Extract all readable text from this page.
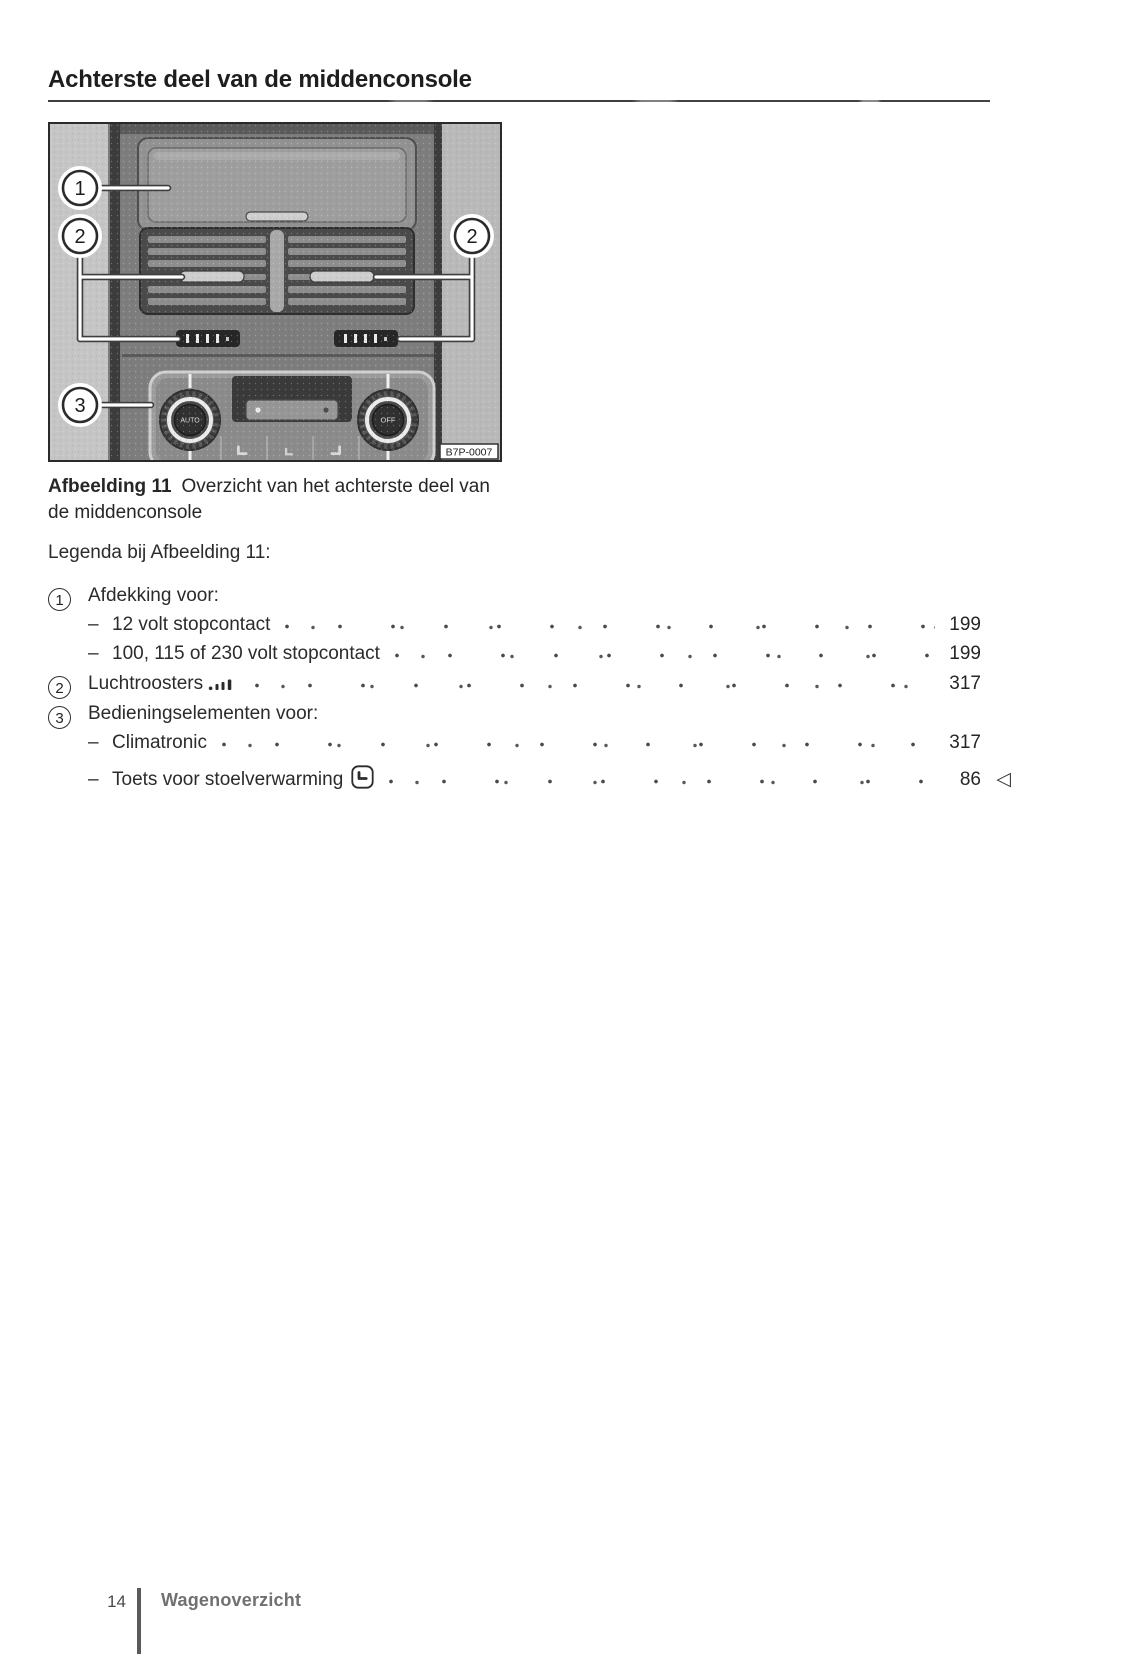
Achterste deel van de middenconsole
1
2	2
3
B7P-0007
Afbeelding 11 Overzicht van het achterste deel van de middenconsole
Legenda bij Afbeelding 11:
1	Afdekking voor:
– 12 volt stopcontact	199
– 100, 115 of 230 volt stopcontact	199
2	Luchtroosters	317
3	Bedieningselementen voor:
– Climatronic	317
– Toets voor stoelverwarming	86 ◁
14 Wagenoverzicht
